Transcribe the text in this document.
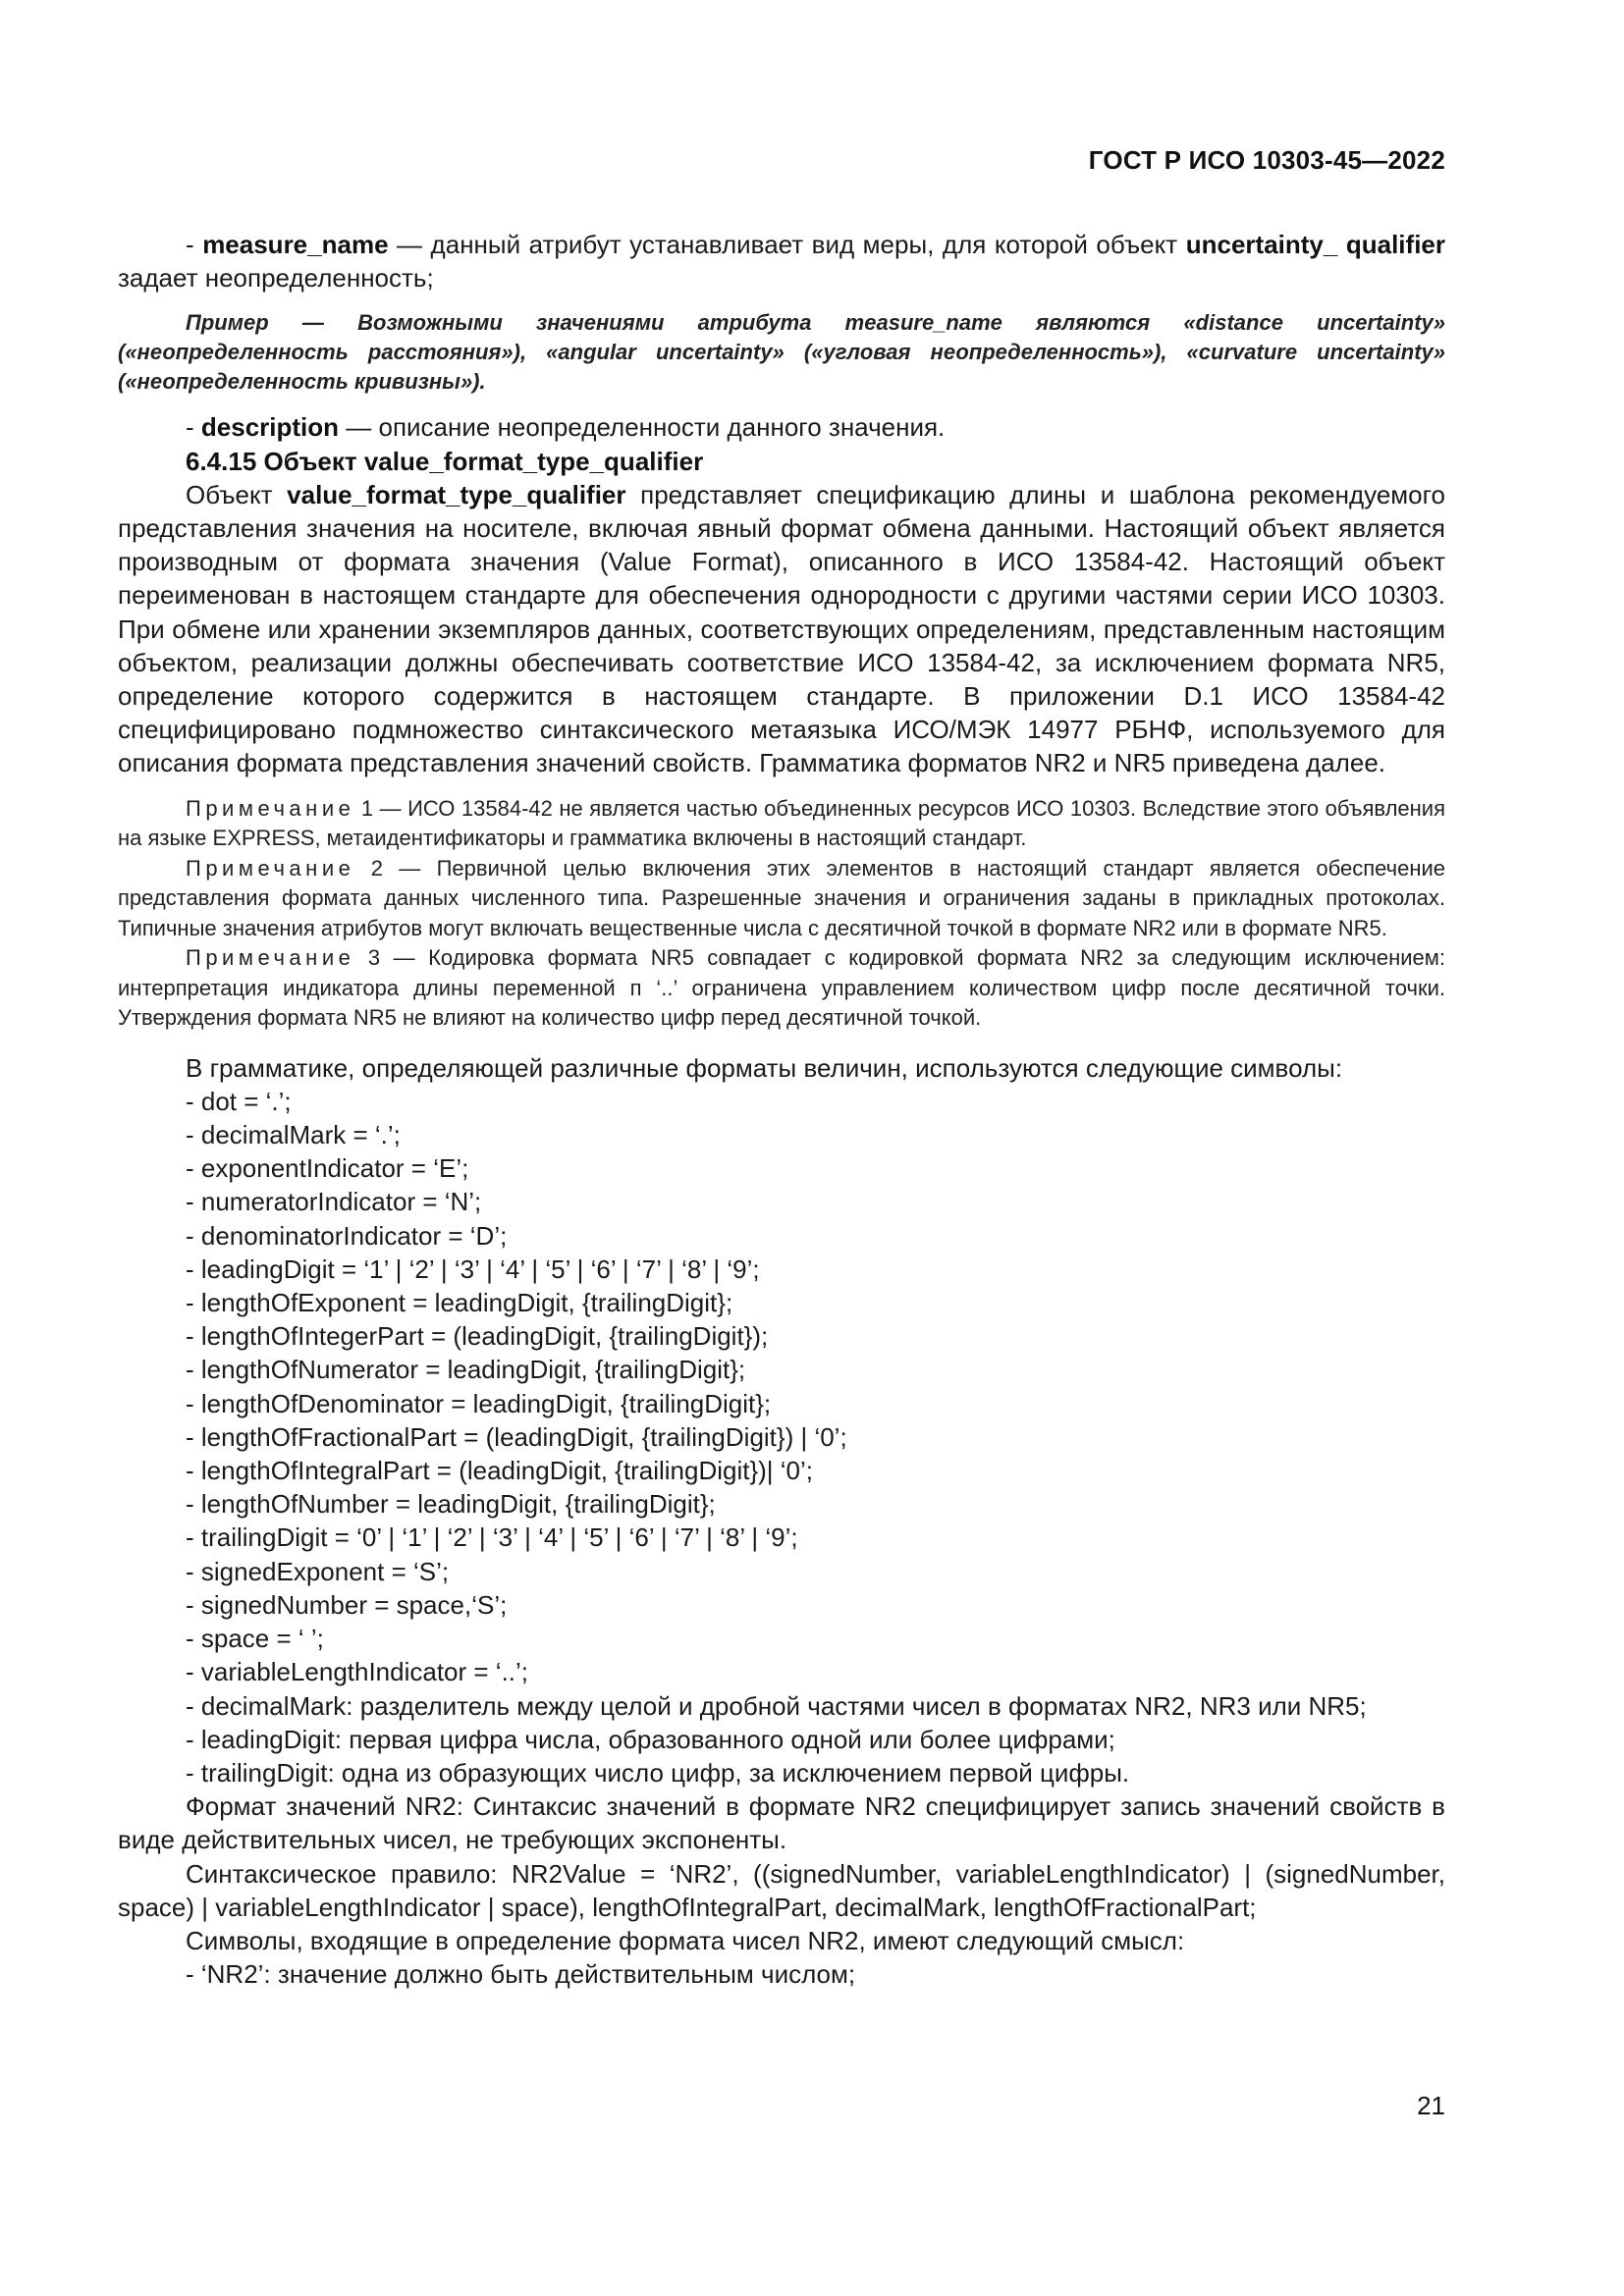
ГОСТ Р ИСО 10303-45—2022

- measure_name — данный атрибут устанавливает вид меры, для которой объект uncertainty_ qualifier задает неопределенность;

Пример — Возможными значениями атрибута measure_name являются «distance uncertainty» («неопределенность расстояния»), «angular uncertainty» («угловая неопределенность»), «curvature uncertainty» («неопределенность кривизны»).

- description — описание неопределенности данного значения.

6.4.15 Объект value_format_type_qualifier

Объект value_format_type_qualifier представляет спецификацию длины и шаблона рекомендуемого представления значения на носителе, включая явный формат обмена данными. Настоящий объект является производным от формата значения (Value Format), описанного в ИСО 13584-42. Настоящий объект переименован в настоящем стандарте для обеспечения однородности с другими частями серии ИСО 10303. При обмене или хранении экземпляров данных, соответствующих определениям, представленным настоящим объектом, реализации должны обеспечивать соответствие ИСО 13584-42, за исключением формата NR5, определение которого содержится в настоящем стандарте. В приложении D.1 ИСО 13584-42 специфицировано подмножество синтаксического метаязыка ИСО/МЭК 14977 РБНФ, используемого для описания формата представления значений свойств. Грамматика форматов NR2 и NR5 приведена далее.

Примечание 1 — ИСО 13584-42 не является частью объединенных ресурсов ИСО 10303. Вследствие этого объявления на языке EXPRESS, метаидентификаторы и грамматика включены в настоящий стандарт.

Примечание 2 — Первичной целью включения этих элементов в настоящий стандарт является обеспечение представления формата данных численного типа. Разрешенные значения и ограничения заданы в прикладных протоколах. Типичные значения атрибутов могут включать вещественные числа с десятичной точкой в формате NR2 или в формате NR5.

Примечание 3 — Кодировка формата NR5 совпадает с кодировкой формата NR2 за следующим исключением: интерпретация индикатора длины переменной п ‘..’ ограничена управлением количеством цифр после десятичной точки. Утверждения формата NR5 не влияют на количество цифр перед десятичной точкой.

В грамматике, определяющей различные форматы величин, используются следующие символы:

- dot = ‘.’;

- decimalMark = ‘.’;

- exponentIndicator = ‘E’;

- numeratorIndicator = ‘N’;

- denominatorIndicator = ‘D’;

- leadingDigit = ‘1’ | ‘2’ | ‘3’ | ‘4’ | ‘5’ | ‘6’ | ‘7’ | ‘8’ | ‘9’;

- lengthOfExponent = leadingDigit, {trailingDigit};

- lengthOfIntegerPart = (leadingDigit, {trailingDigit});

- lengthOfNumerator = leadingDigit, {trailingDigit};

- lengthOfDenominator = leadingDigit, {trailingDigit};

- lengthOfFractionalPart = (leadingDigit, {trailingDigit}) | ‘0’;

- lengthOfIntegralPart = (leadingDigit, {trailingDigit})| ‘0’;

- lengthOfNumber = leadingDigit, {trailingDigit};

- trailingDigit = ‘0’ | ‘1’ | ‘2’ | ‘3’ | ‘4’ | ‘5’ | ‘6’ | ‘7’ | ‘8’ | ‘9’;

- signedExponent = ‘S’;

- signedNumber = space,‘S’;

- space = ‘ ’;

- variableLengthIndicator = ‘..’;

- decimalMark: разделитель между целой и дробной частями чисел в форматах NR2, NR3 или NR5;

- leadingDigit: первая цифра числа, образованного одной или более цифрами;

- trailingDigit: одна из образующих число цифр, за исключением первой цифры.

Формат значений NR2: Синтаксис значений в формате NR2 специфицирует запись значений свойств в виде действительных чисел, не требующих экспоненты.

Синтаксическое правило: NR2Value = ‘NR2’, ((signedNumber, variableLengthIndicator) | (signedNumber, space) | variableLengthIndicator | space), lengthOfIntegralPart, decimalMark, lengthOfFractionalPart;

Символы, входящие в определение формата чисел NR2, имеют следующий смысл:

- ‘NR2’: значение должно быть действительным числом;

21
